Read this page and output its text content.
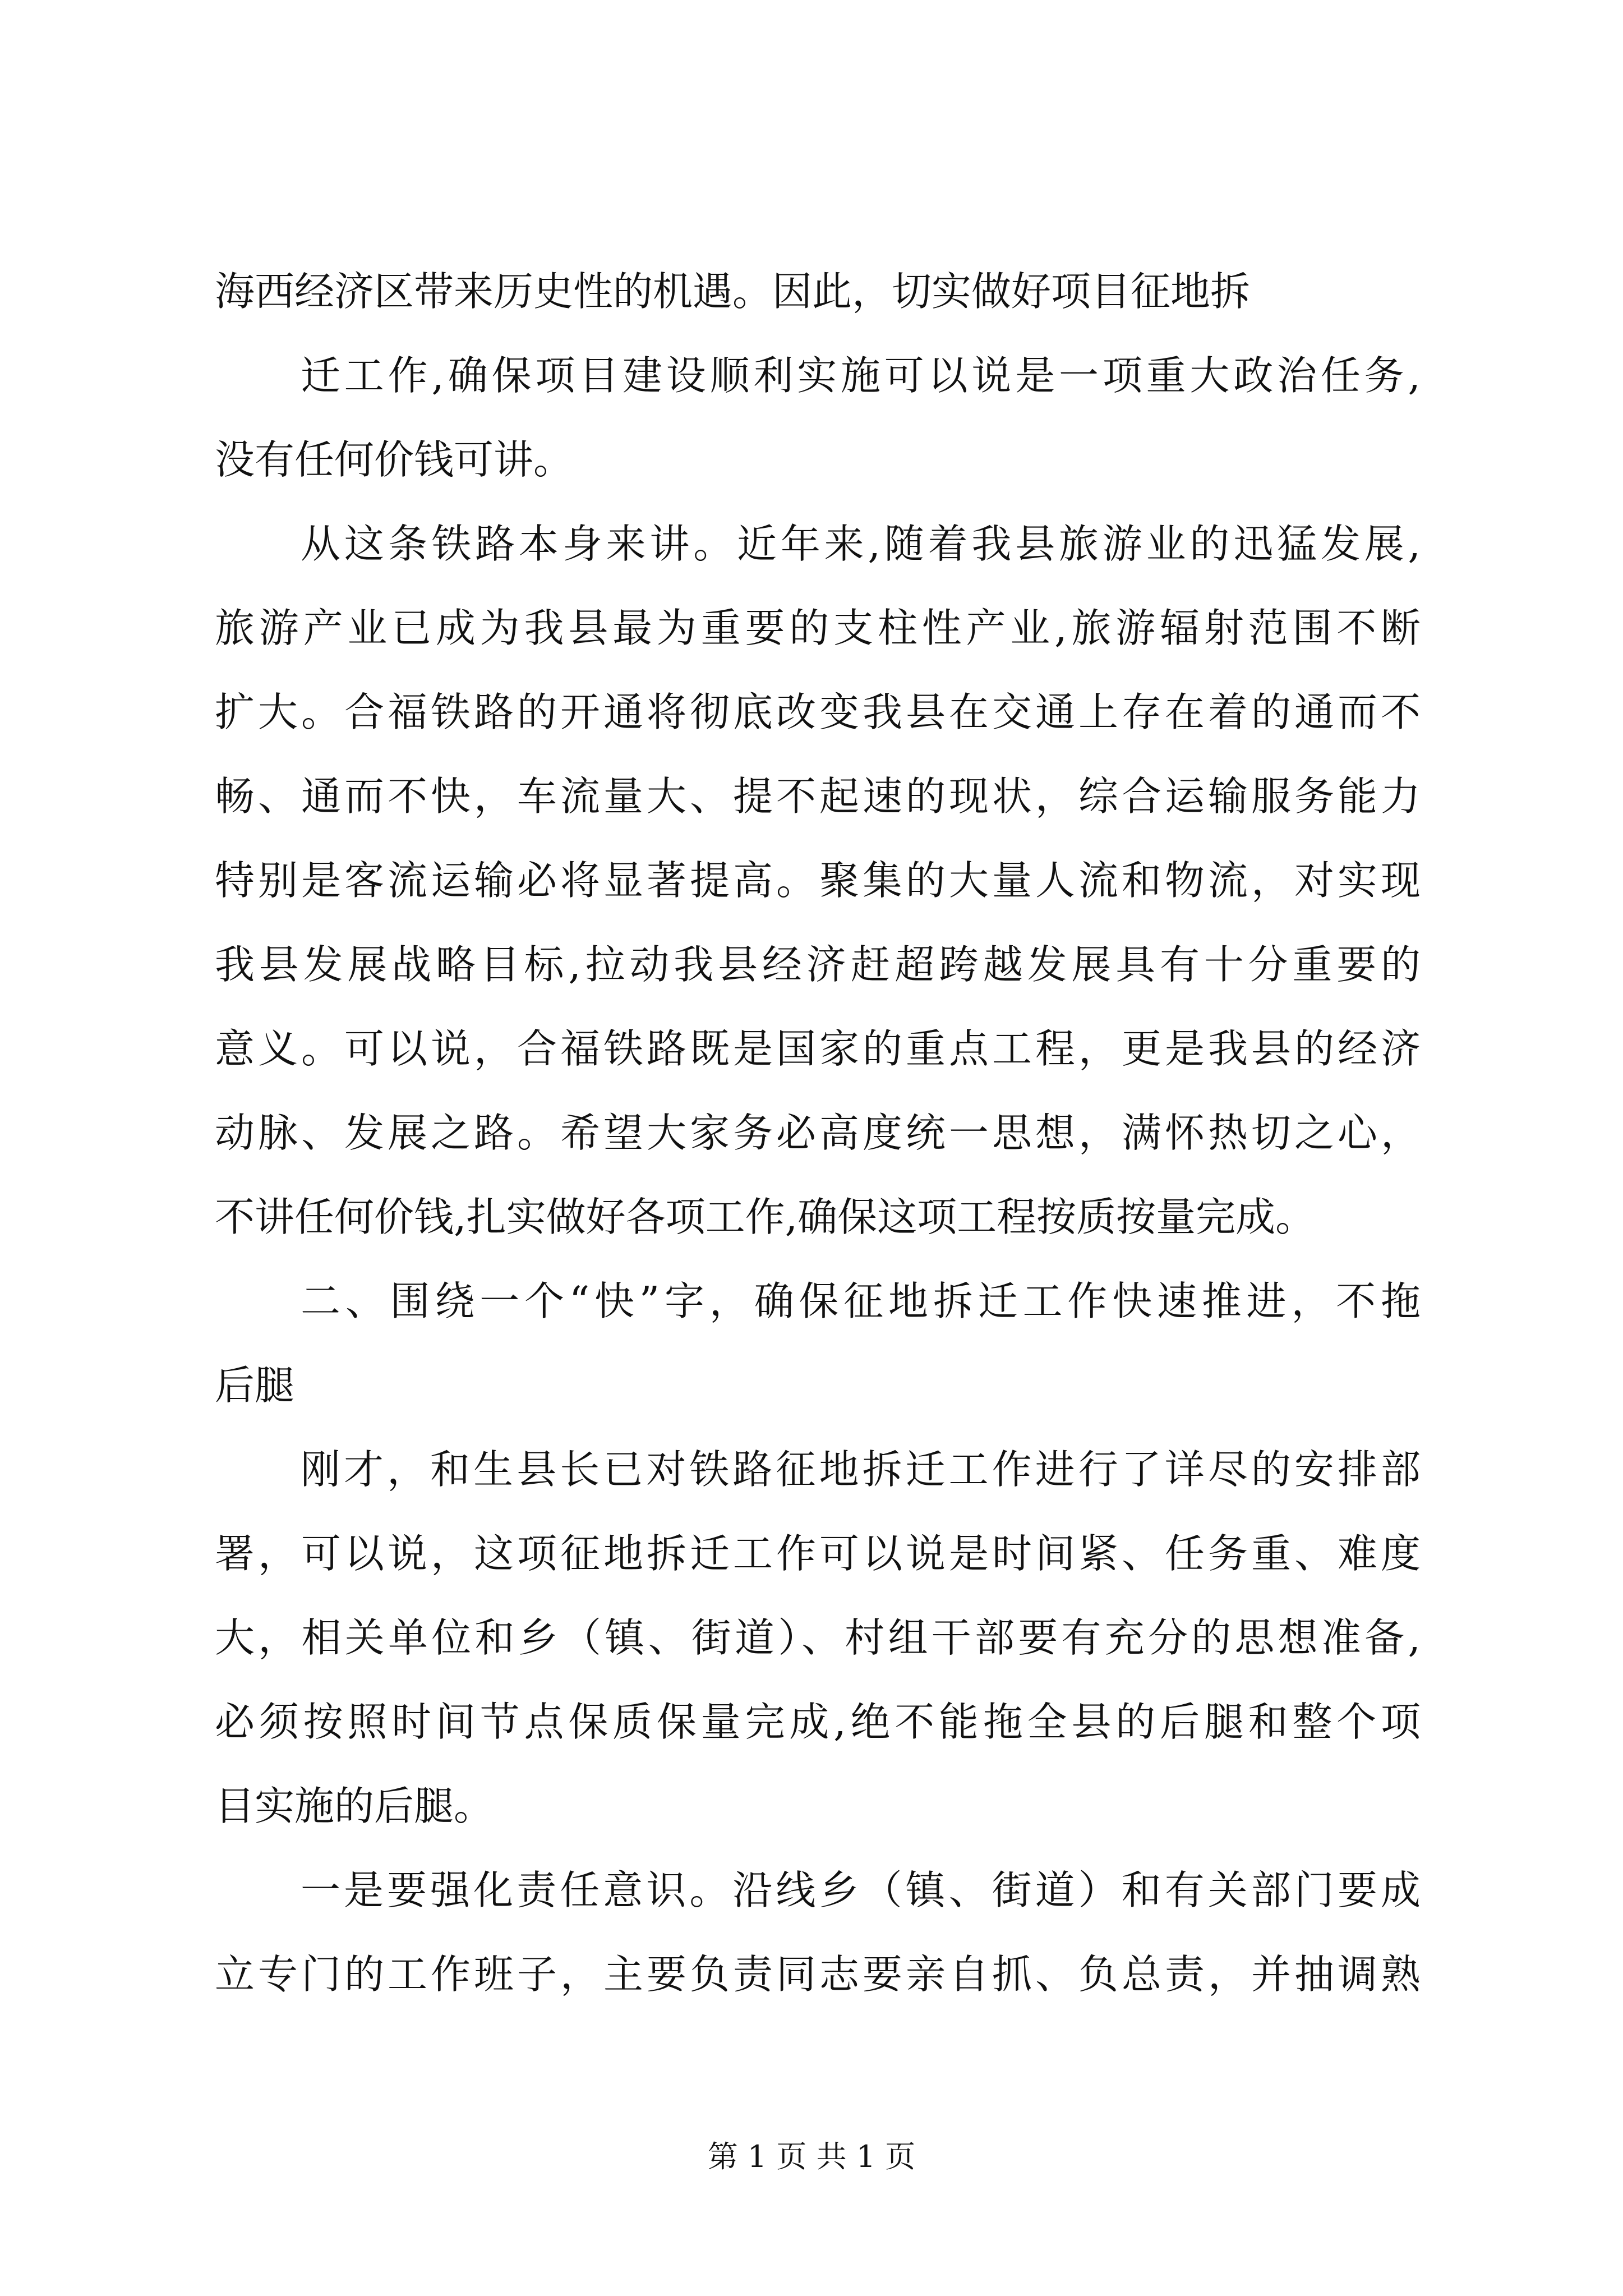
海西经济区带来历史性的机遇。因此，切实做好项目征地拆
迁工作,确保项目建设顺利实施可以说是一项重大政治任务,
没有任何价钱可讲。
从这条铁路本身来讲。近年来,随着我县旅游业的迅猛发展,
旅游产业已成为我县最为重要的支柱性产业,旅游辐射范围不断
扩大。合福铁路的开通将彻底改变我县在交通上存在着的通而不
畅、通而不快，车流量大、提不起速的现状，综合运输服务能力
特别是客流运输必将显著提高。聚集的大量人流和物流，对实现
我县发展战略目标,拉动我县经济赶超跨越发展具有十分重要的
意义。可以说，合福铁路既是国家的重点工程，更是我县的经济
动脉、发展之路。希望大家务必高度统一思想，满怀热切之心，
不讲任何价钱,扎实做好各项工作,确保这项工程按质按量完成。
二、围绕一个“快”字，确保征地拆迁工作快速推进，不拖
后腿
刚才，和生县长已对铁路征地拆迁工作进行了详尽的安排部
署，可以说，这项征地拆迁工作可以说是时间紧、任务重、难度
大，相关单位和乡（镇、街道）、村组干部要有充分的思想准备,
必须按照时间节点保质保量完成,绝不能拖全县的后腿和整个项
目实施的后腿。
一是要强化责任意识。沿线乡（镇、街道）和有关部门要成
立专门的工作班子，主要负责同志要亲自抓、负总责，并抽调熟
第 1 页 共 1 页
